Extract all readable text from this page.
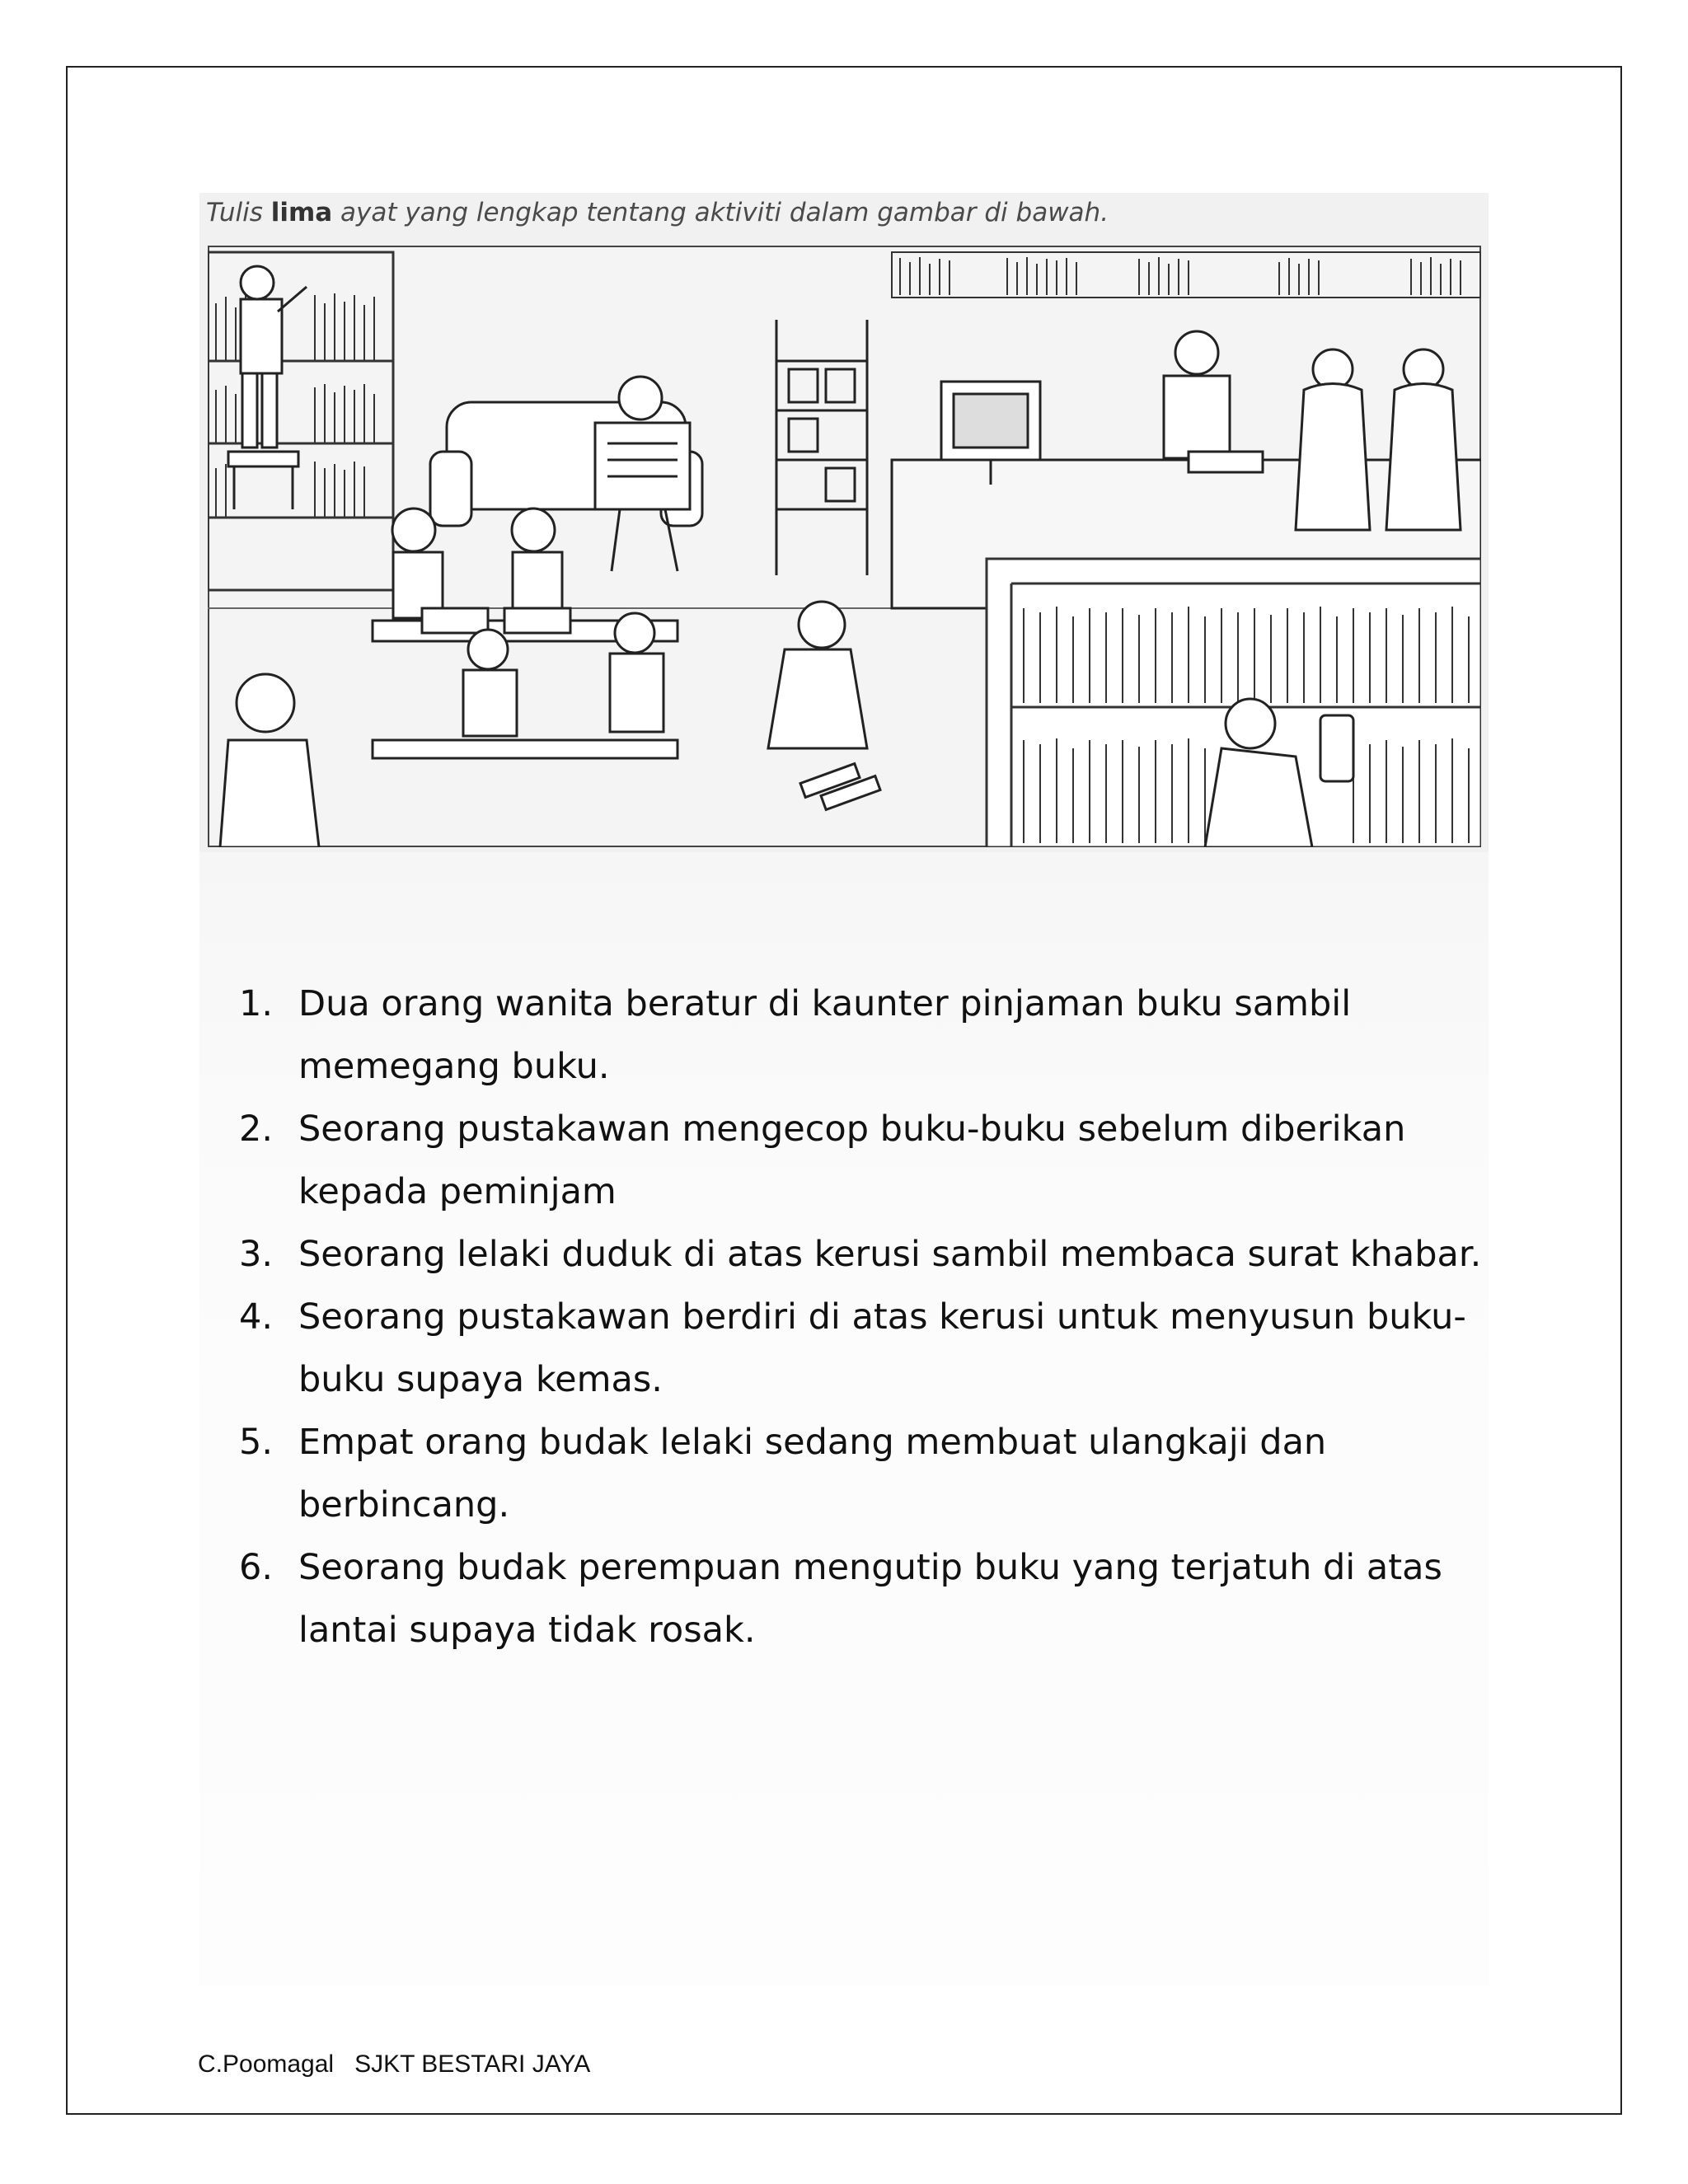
Tulis lima ayat yang lengkap tentang aktiviti dalam gambar di bawah.
1. Dua orang wanita beratur di kaunter pinjaman buku sambil memegang buku.
2. Seorang pustakawan mengecop buku-buku sebelum diberikan kepada peminjam
3. Seorang lelaki duduk di atas kerusi sambil membaca surat khabar.
4. Seorang pustakawan berdiri di atas kerusi untuk menyusun buku-buku supaya kemas.
5. Empat orang budak lelaki sedang membuat ulangkaji dan berbincang.
6. Seorang budak perempuan mengutip buku yang terjatuh di atas lantai supaya tidak rosak.
C.Poomagal   SJKT BESTARI JAYA
